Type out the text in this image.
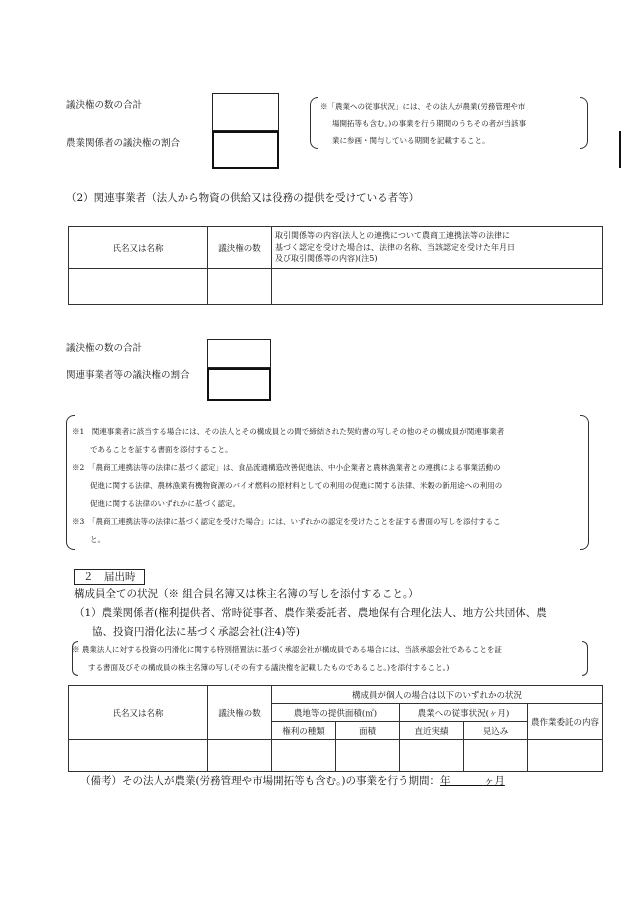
議決権の数の合計
農業関係者の議決権の割合
※「農業への従事状況」には、その法人が農業(労務管理や市
場開拓等も含む。)の事業を行う期間のうちその者が当該事
業に参画・関与している期間を記載すること。
（2）関連事業者（法人から物資の供給又は役務の提供を受けている者等）
氏名又は名称	議決権の数	取引関係等の内容(法人との連携について農商工連携法等の法律に
基づく認定を受けた場合は、法律の名称、当該認定を受けた年月日
及び取引関係等の内容)(注5)

議決権の数の合計
関連事業者等の議決権の割合
※1　関連事業者に該当する場合には、その法人とその構成員との間で締結された契約書の写しその他のその構成員が関連事業者
であることを証する書面を添付すること。
※2　「農商工連携法等の法律に基づく認定」は、食品流通構造改善促進法、中小企業者と農林漁業者との連携による事業活動の
促進に関する法律、農林漁業有機物資源のバイオ燃料の原材料としての利用の促進に関する法律、米穀の新用途への利用の
促進に関する法律のいずれかに基づく認定。
※3　「農商工連携法等の法律に基づく認定を受けた場合」には、いずれかの認定を受けたことを証する書面の写しを添付するこ
と。
２　届出時
構成員全ての状況（※ 組合員名簿又は株主名簿の写しを添付すること。）
（1）農業関係者(権利提供者、常時従事者、農作業委託者、農地保有合理化法人、地方公共団体、農
協、投資円滑化法に基づく承認会社(注4)等)
※ 農業法人に対する投資の円滑化に関する特別措置法に基づく承認会社が構成員である場合には、当該承認会社であることを証
する書面及びその構成員の株主名簿の写し(その有する議決権を記載したものであること。)を添付すること。)
氏名又は名称	議決権の数	構成員が個人の場合は以下のいずれかの状況				
		農地等の提供面積(㎡)		農業への従事状況(ヶ月)		農作業委託の内容
		権利の種類	面積	直近実績	見込み	

（備考）その法人が農業(労務管理や市場開拓等も含む。)の事業を行う期間：年	ヶ月
